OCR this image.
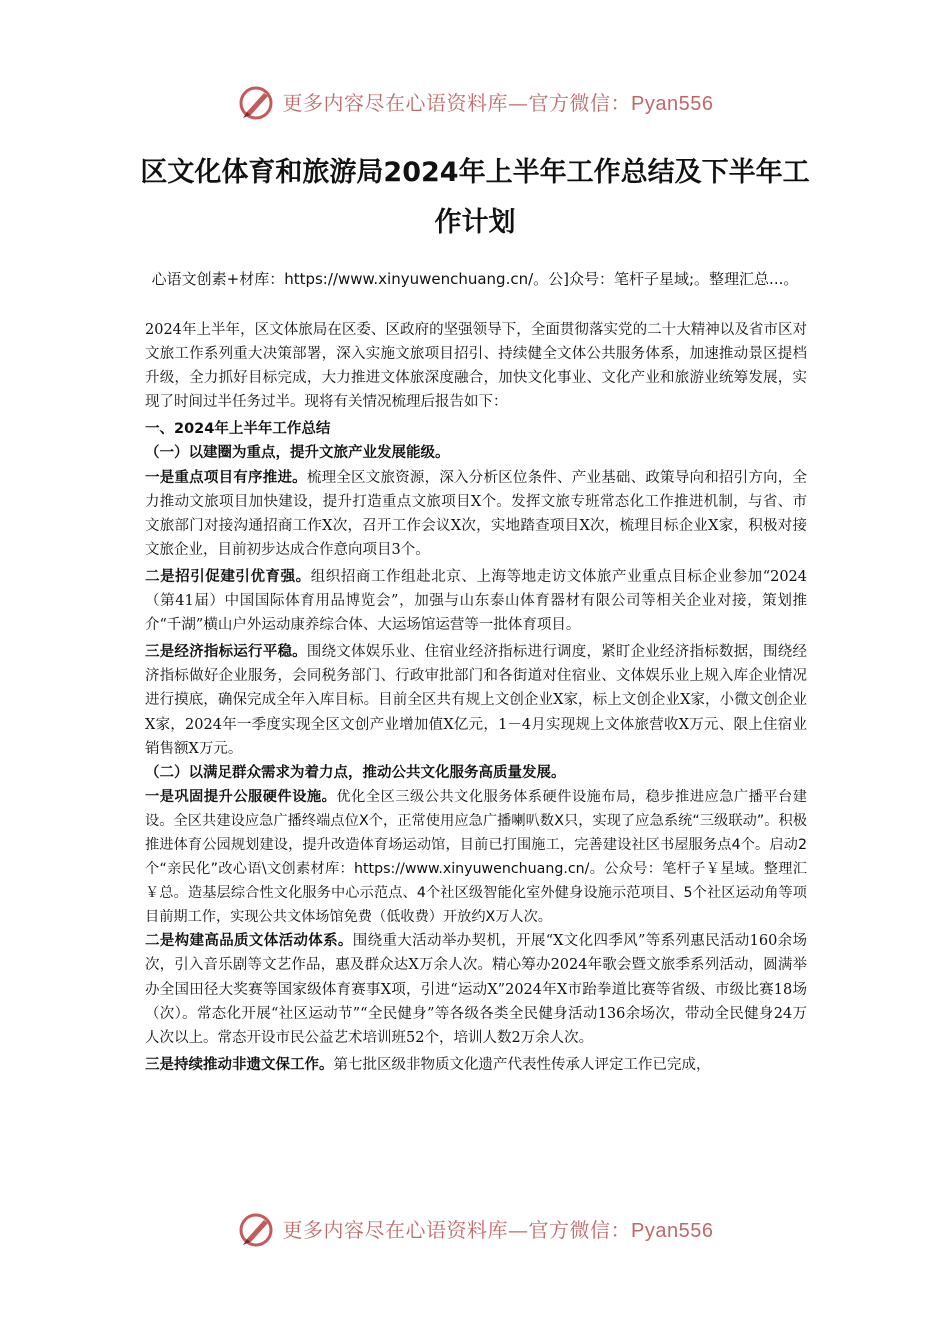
更多内容尽在心语资料库—官方微信：Pyan556
区文化体育和旅游局2024年上半年工作总结及下半年工作计划
心语文创素+材库：https://www.xinyuwenchuang.cn/。公]众号：笔杆子星域;。整理汇总...。

2024年上半年，区文体旅局在区委、区政府的坚强领导下，全面贯彻落实党的二十大精神以及省市区对文旅工作系列重大决策部署，深入实施文旅项目招引、持续健全文体公共服务体系，加速推动景区提档升级，全力抓好目标完成，大力推进文体旅深度融合，加快文化事业、文化产业和旅游业统筹发展，实现了时间过半任务过半。现将有关情况梳理后报告如下：

一、2024年上半年工作总结

（一）以建圈为重点，提升文旅产业发展能级。

一是重点项目有序推进。梳理全区文旅资源，深入分析区位条件、产业基础、政策导向和招引方向，全力推动文旅项目加快建设，提升打造重点文旅项目X个。发挥文旅专班常态化工作推进机制，与省、市文旅部门对接沟通招商工作X次，召开工作会议X次，实地踏查项目X次，梳理目标企业X家，积极对接文旅企业，目前初步达成合作意向项目3个。

二是招引促建引优育强。组织招商工作组赴北京、上海等地走访文体旅产业重点目标企业参加“2024（第41届）中国国际体育用品博览会”，加强与山东泰山体育器材有限公司等相关企业对接，策划推介“千湖”横山户外运动康养综合体、大运场馆运营等一批体育项目。

三是经济指标运行平稳。围绕文体娱乐业、住宿业经济指标进行调度，紧盯企业经济指标数据，围绕经济指标做好企业服务，会同税务部门、行政审批部门和各街道对住宿业、文体娱乐业上规入库企业情况进行摸底，确保完成全年入库目标。目前全区共有规上文创企业X家，标上文创企业X家，小微文创企业X家，2024年一季度实现全区文创产业增加值X亿元，1－4月实现规上文体旅营收X万元、限上住宿业销售额X万元。

（二）以满足群众需求为着力点，推动公共文化服务高质量发展。

一是巩固提升公服硬件设施。优化全区三级公共文化服务体系硬件设施布局，稳步推进应急广播平台建设。全区共建设应急广播终端点位X个，正常使用应急广播喇叭数X只，实现了应急系统“三级联动”。积极推进体育公园规划建设，提升改造体育场运动馆，目前已打围施工，完善建设社区书屋服务点4个。启动2个“亲民化”改心语\文创素材库：https://www.xinyuwenchuang.cn/。公众号：笔杆子￥星域。整理汇￥总。造基层综合性文化服务中心示范点、4个社区级智能化室外健身设施示范项目、5个社区运动角等项目前期工作，实现公共文体场馆免费（低收费）开放约X万人次。

二是构建高品质文体活动体系。围绕重大活动举办契机，开展“X文化四季风”等系列惠民活动160余场次，引入音乐剧等文艺作品，惠及群众达X万余人次。精心筹办2024年歌会暨文旅季系列活动，圆满举办全国田径大奖赛等国家级体育赛事X项，引进“运动X”2024年X市跆拳道比赛等省级、市级比赛18场（次）。常态化开展“社区运动节”“全民健身”等各级各类全民健身活动136余场次，带动全民健身24万人次以上。常态开设市民公益艺术培训班52个，培训人数2万余人次。

三是持续推动非遗文保工作。第七批区级非物质文化遗产代表性传承人评定工作已完成，

更多内容尽在心语资料库—官方微信：Pyan556
